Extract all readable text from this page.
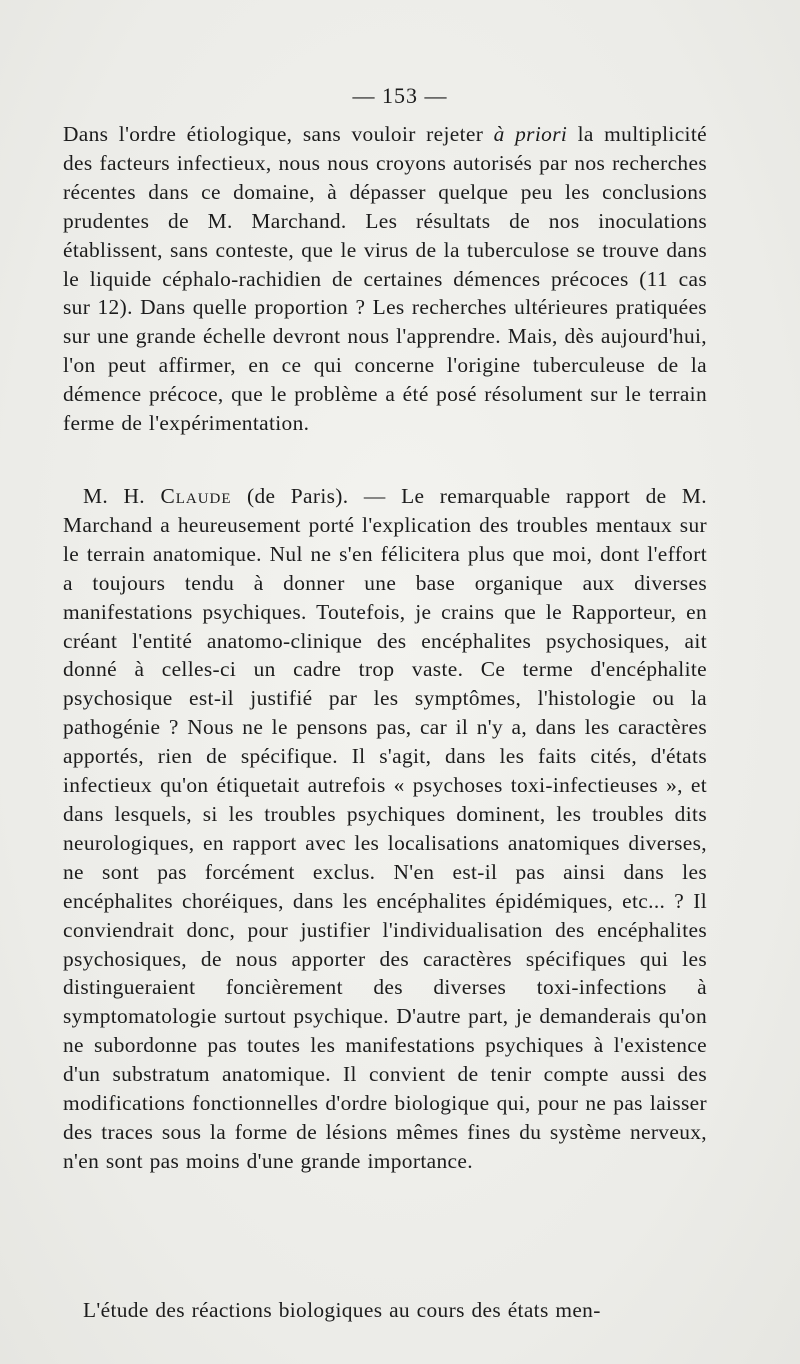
— 153 —
Dans l'ordre étiologique, sans vouloir rejeter à priori la multiplicité des facteurs infectieux, nous nous croyons autorisés par nos recherches récentes dans ce domaine, à dépasser quelque peu les conclusions prudentes de M. Marchand. Les résultats de nos inoculations établissent, sans conteste, que le virus de la tuberculose se trouve dans le liquide céphalo-rachidien de certaines démences précoces (11 cas sur 12). Dans quelle proportion ? Les recherches ultérieures pratiquées sur une grande échelle devront nous l'apprendre. Mais, dès aujourd'hui, l'on peut affirmer, en ce qui concerne l'origine tuberculeuse de la démence précoce, que le problème a été posé résolument sur le terrain ferme de l'expérimentation.
M. H. Claude (de Paris). — Le remarquable rapport de M. Marchand a heureusement porté l'explication des troubles mentaux sur le terrain anatomique. Nul ne s'en félicitera plus que moi, dont l'effort a toujours tendu à donner une base organique aux diverses manifestations psychiques. Toutefois, je crains que le Rapporteur, en créant l'entité anatomo-clinique des encéphalites psychosiques, ait donné à celles-ci un cadre trop vaste. Ce terme d'encéphalite psychosique est-il justifié par les symptômes, l'histologie ou la pathogénie ? Nous ne le pensons pas, car il n'y a, dans les caractères apportés, rien de spécifique. Il s'agit, dans les faits cités, d'états infectieux qu'on étiquetait autrefois « psychoses toxi-infectieuses », et dans lesquels, si les troubles psychiques dominent, les troubles dits neurologiques, en rapport avec les localisations anatomiques diverses, ne sont pas forcément exclus. N'en est-il pas ainsi dans les encéphalites choréiques, dans les encéphalites épidémiques, etc... ? Il conviendrait donc, pour justifier l'individualisation des encéphalites psychosiques, de nous apporter des caractères spécifiques qui les distingueraient foncièrement des diverses toxi-infections à symptomatologie surtout psychique. D'autre part, je demanderais qu'on ne subordonne pas toutes les manifestations psychiques à l'existence d'un substratum anatomique. Il convient de tenir compte aussi des modifications fonctionnelles d'ordre biologique qui, pour ne pas laisser des traces sous la forme de lésions mêmes fines du système nerveux, n'en sont pas moins d'une grande importance.
L'étude des réactions biologiques au cours des états men-
